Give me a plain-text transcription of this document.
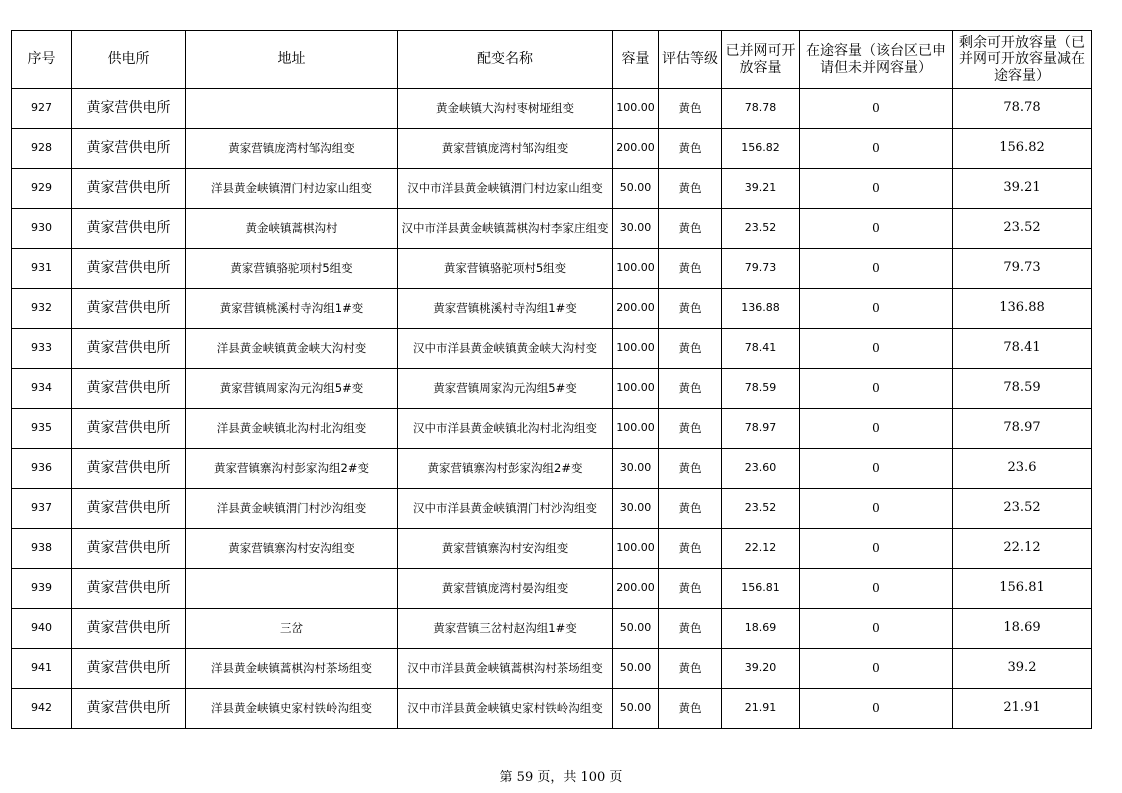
序号	供电所	地址	配变名称	容量	评估等级	已并网可开放容量	在途容量（该台区已申请但未并网容量）	剩余可开放容量（已并网可开放容量减在途容量）
927	黄家营供电所		黄金峡镇大沟村枣树垭组变	100.00	黄色	78.78	0	78.78
928	黄家营供电所	黄家营镇庞湾村邹沟组变	黄家营镇庞湾村邹沟组变	200.00	黄色	156.82	0	156.82
929	黄家营供电所	洋县黄金峡镇渭门村边家山组变	汉中市洋县黄金峡镇渭门村边家山组变	50.00	黄色	39.21	0	39.21
930	黄家营供电所	黄金峡镇蒿棋沟村	汉中市洋县黄金峡镇蒿棋沟村李家庄组变	30.00	黄色	23.52	0	23.52
931	黄家营供电所	黄家营镇骆驼项村5组变	黄家营镇骆驼项村5组变	100.00	黄色	79.73	0	79.73
932	黄家营供电所	黄家营镇桃溪村寺沟组1#变	黄家营镇桃溪村寺沟组1#变	200.00	黄色	136.88	0	136.88
933	黄家营供电所	洋县黄金峡镇黄金峡大沟村变	汉中市洋县黄金峡镇黄金峡大沟村变	100.00	黄色	78.41	0	78.41
934	黄家营供电所	黄家营镇周家沟元沟组5#变	黄家营镇周家沟元沟组5#变	100.00	黄色	78.59	0	78.59
935	黄家营供电所	洋县黄金峡镇北沟村北沟组变	汉中市洋县黄金峡镇北沟村北沟组变	100.00	黄色	78.97	0	78.97
936	黄家营供电所	黄家营镇寨沟村彭家沟组2#变	黄家营镇寨沟村彭家沟组2#变	30.00	黄色	23.60	0	23.6
937	黄家营供电所	洋县黄金峡镇渭门村沙沟组变	汉中市洋县黄金峡镇渭门村沙沟组变	30.00	黄色	23.52	0	23.52
938	黄家营供电所	黄家营镇寨沟村安沟组变	黄家营镇寨沟村安沟组变	100.00	黄色	22.12	0	22.12
939	黄家营供电所		黄家营镇庞湾村晏沟组变	200.00	黄色	156.81	0	156.81
940	黄家营供电所	三岔	黄家营镇三岔村赵沟组1#变	50.00	黄色	18.69	0	18.69
941	黄家营供电所	洋县黄金峡镇蒿棋沟村茶场组变	汉中市洋县黄金峡镇蒿棋沟村茶场组变	50.00	黄色	39.20	0	39.2
942	黄家营供电所	洋县黄金峡镇史家村铁岭沟组变	汉中市洋县黄金峡镇史家村铁岭沟组变	50.00	黄色	21.91	0	21.91
第 59 页，共 100 页
